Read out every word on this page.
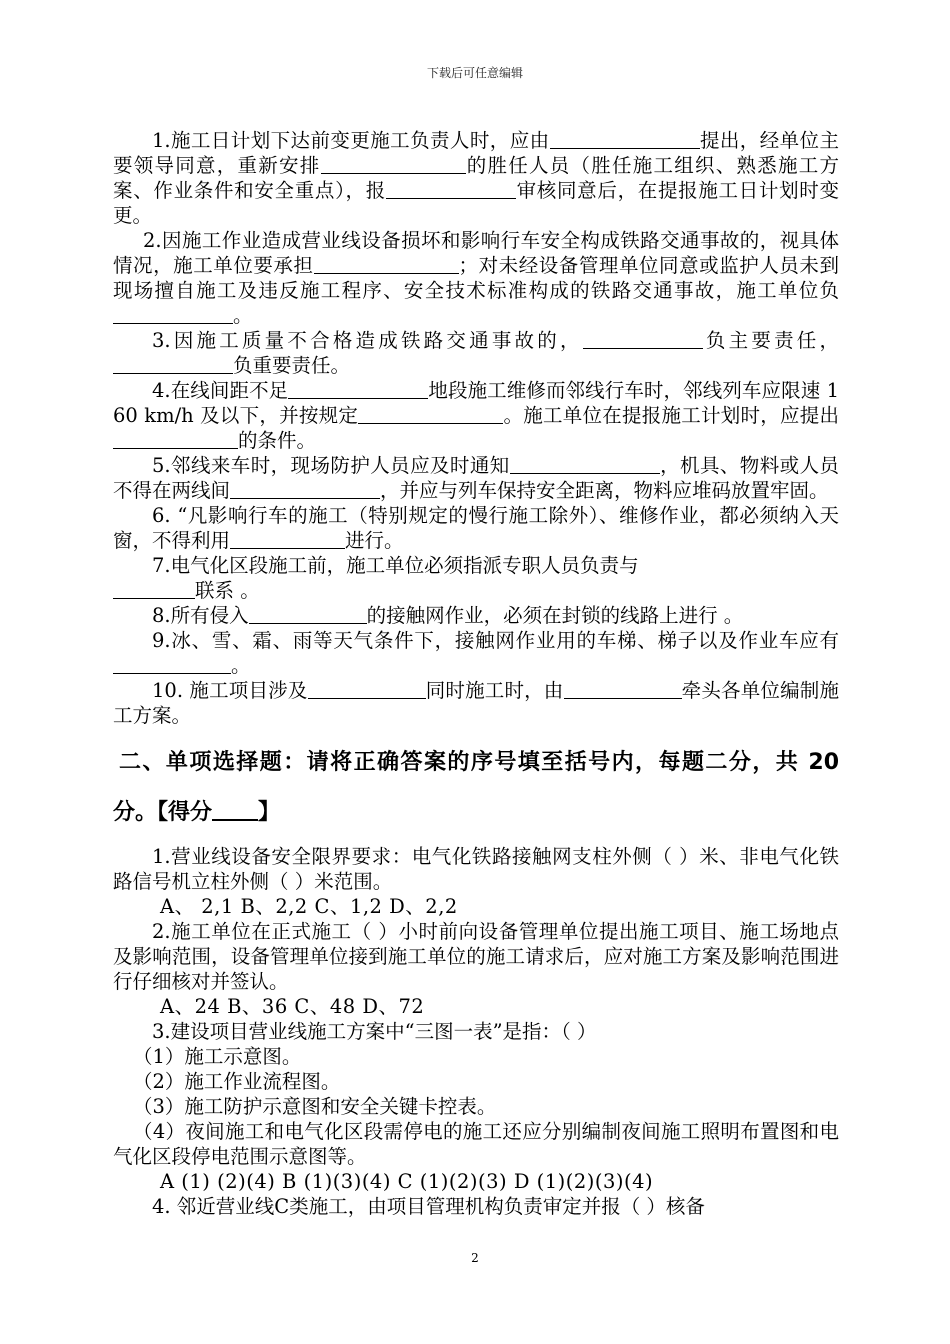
下载后可任意编辑

1.施工日计划下达前变更施工负责人时，应由	提出，经单位主要领导同意，重新安排	的胜任人员（胜任施工组织、熟悉施工方案、作业条件和安全重点），报	审核同意后，在提报施工日计划时变更。

2.因施工作业造成营业线设备损坏和影响行车安全构成铁路交通事故的，视具体情况，施工单位要承担	；对未经设备管理单位同意或监护人员未到现场擅自施工及违反施工程序、安全技术标准构成的铁路交通事故，施工单位负。

3.因施工质量不合格造成铁路交通事故的，	负主要责任，负重要责任。

4.在线间距不足	地段施工维修而邻线行车时，邻线列车应限速 160 km/h 及以下，并按规定	。施工单位在提报施工计划时，应提出的条件。

5.邻线来车时，现场防护人员应及时通知	，机具、物料或人员不得在两线间	，并应与列车保持安全距离，物料应堆码放置牢固。

6. “凡影响行车的施工（特别规定的慢行施工除外）、维修作业，都必须纳入天窗，不得利用	进行。

7.电气化区段施工前，施工单位必须指派专职人员负责与
联系 。

8.所有侵入	的接触网作业，必须在封锁的线路上进行 。

9.冰、雪、霜、雨等天气条件下，接触网作业用的车梯、梯子以及作业车应有。

10. 施工项目涉及	同时施工时，由	牵头各单位编制施工方案。

二、单项选择题：请将正确答案的序号填至括号内，每题二分，共 20 分。【得分 】

1.营业线设备安全限界要求：电气化铁路接触网支柱外侧（ ）米、非电气化铁路信号机立柱外侧（ ）米范围。

A、 2,1 B、2,2 C、1,2 D、2,2

2.施工单位在正式施工（ ）小时前向设备管理单位提出施工项目、施工场地点及影响范围，设备管理单位接到施工单位的施工请求后，应对施工方案及影响范围进行仔细核对并签认。

A、24 B、36 C、48 D、72

3.建设项目营业线施工方案中“三图一表”是指：（ ）

（1）施工示意图。

（2）施工作业流程图。

（3）施工防护示意图和安全关键卡控表。

（4）夜间施工和电气化区段需停电的施工还应分别编制夜间施工照明布置图和电气化区段停电范围示意图等。

A (1) (2)(4) B (1)(3)(4) C (1)(2)(3) D (1)(2)(3)(4)

4. 邻近营业线C类施工，由项目管理机构负责审定并报（ ）核备

2
